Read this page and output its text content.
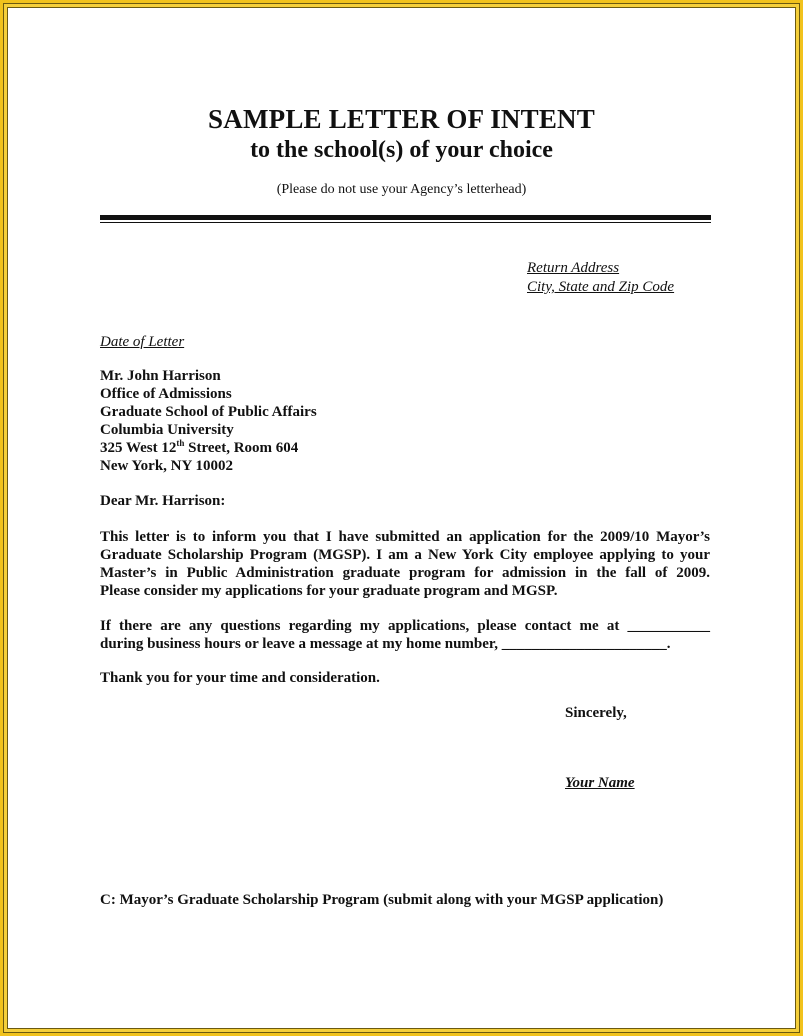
SAMPLE LETTER OF INTENT
to the school(s) of your choice
(Please do not use your Agency’s letterhead)
Return Address
City, State and Zip Code
Date of Letter
Mr. John Harrison
Office of Admissions
Graduate School of Public Affairs
Columbia University
325 West 12th Street, Room 604
New York, NY 10002
Dear Mr. Harrison:
This letter is to inform you that I have submitted an application for the 2009/10 Mayor’s
Graduate Scholarship Program (MGSP). I am a New York City employee applying to your
Master’s in Public Administration graduate program for admission in the fall of 2009.
Please consider my applications for your graduate program and MGSP.
If there are any questions regarding my applications, please contact me at ___________
during business hours or leave a message at my home number, ______________________.
Thank you for your time and consideration.
Sincerely,
Your Name
C: Mayor’s Graduate Scholarship Program (submit along with your MGSP application)
